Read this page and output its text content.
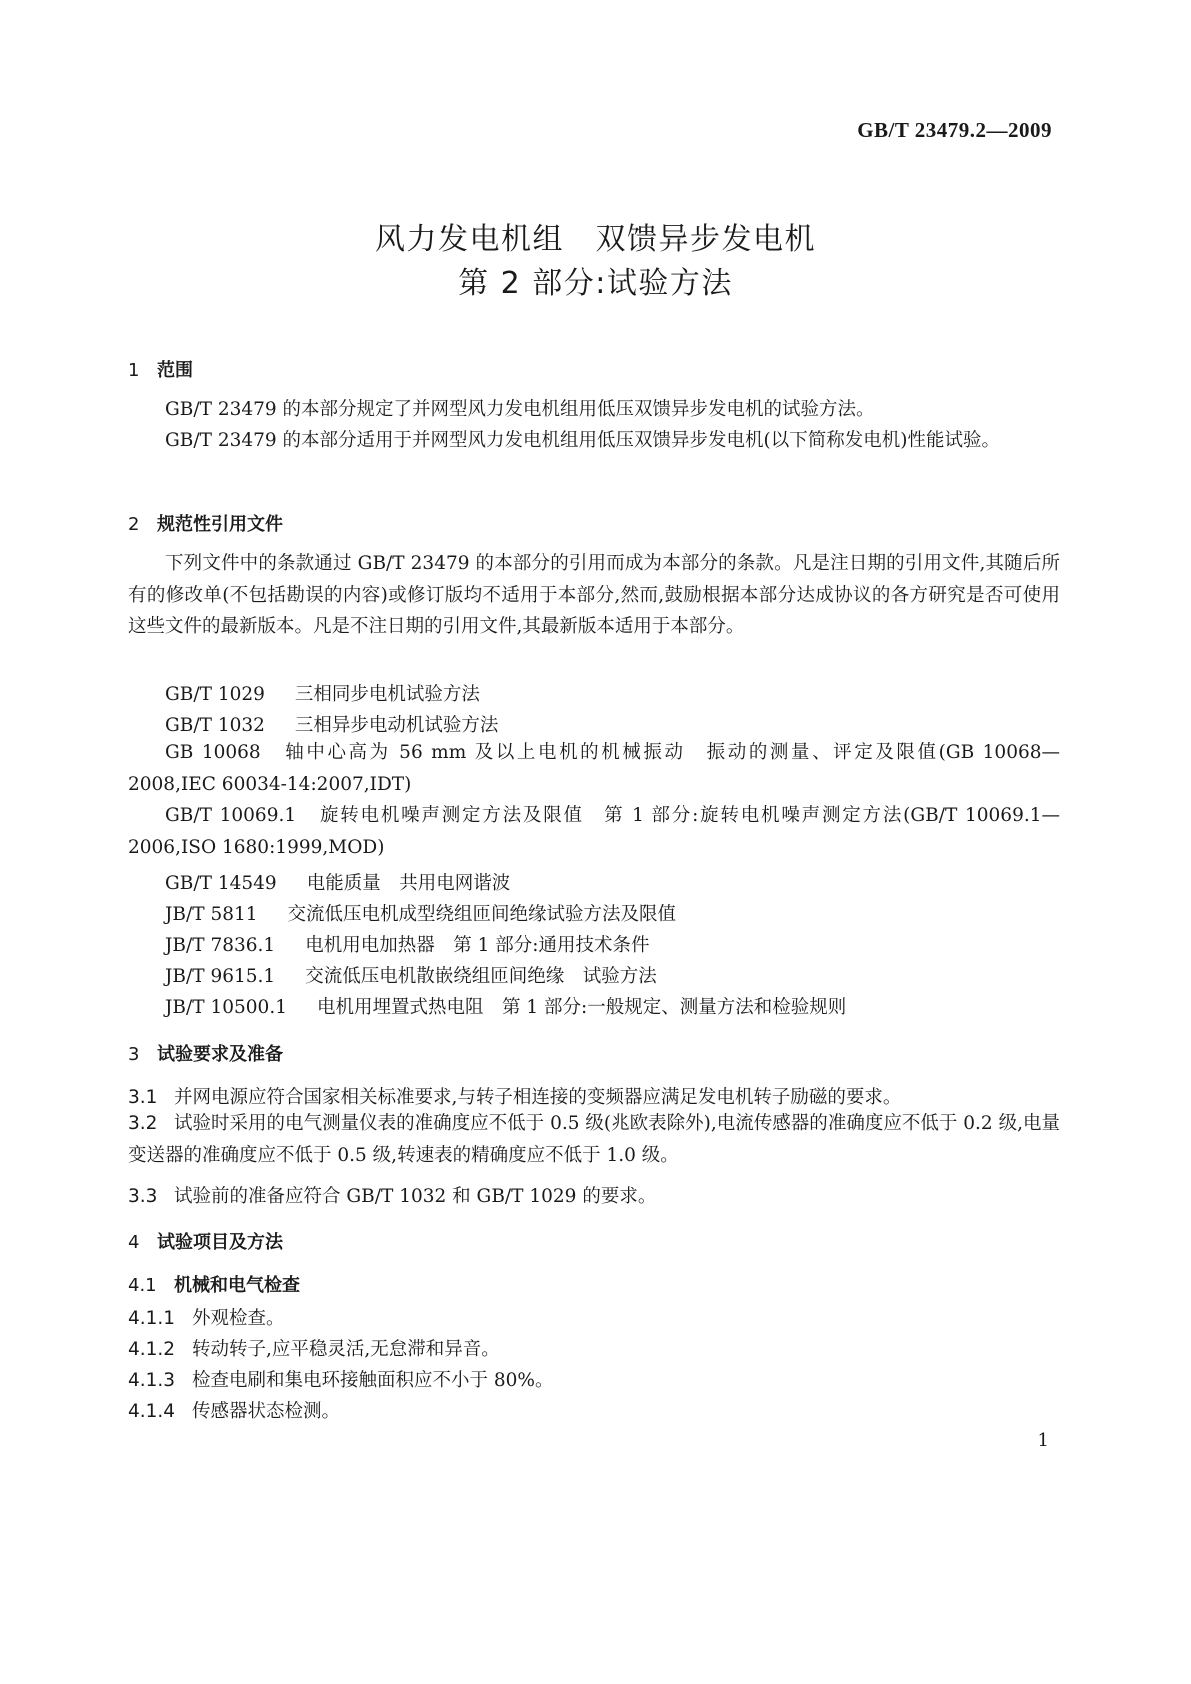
GB/T 23479.2—2009
风力发电机组　双馈异步发电机
第 2 部分:试验方法
1 范围

GB/T 23479 的本部分规定了并网型风力发电机组用低压双馈异步发电机的试验方法。

GB/T 23479 的本部分适用于并网型风力发电机组用低压双馈异步发电机(以下简称发电机)性能试验。

2 规范性引用文件

下列文件中的条款通过 GB/T 23479 的本部分的引用而成为本部分的条款。凡是注日期的引用文件,其随后所有的修改单(不包括勘误的内容)或修订版均不适用于本部分,然而,鼓励根据本部分达成协议的各方研究是否可使用这些文件的最新版本。凡是不注日期的引用文件,其最新版本适用于本部分。

GB/T 1029 三相同步电机试验方法
GB/T 1032 三相异步电动机试验方法

GB 10068 轴中心高为 56 mm 及以上电机的机械振动　振动的测量、评定及限值(GB 10068—2008,IEC 60034-14:2007,IDT)

GB/T 10069.1 旋转电机噪声测定方法及限值　第 1 部分:旋转电机噪声测定方法(GB/T 10069.1—2006,ISO 1680:1999,MOD)

GB/T 14549 电能质量　共用电网谐波
JB/T 5811 交流低压电机成型绕组匝间绝缘试验方法及限值
JB/T 7836.1 电机用电加热器　第 1 部分:通用技术条件
JB/T 9615.1 交流低压电机散嵌绕组匝间绝缘　试验方法
JB/T 10500.1 电机用埋置式热电阻　第 1 部分:一般规定、测量方法和检验规则
3 试验要求及准备
3.1 并网电源应符合国家相关标准要求,与转子相连接的变频器应满足发电机转子励磁的要求。

3.2 试验时采用的电气测量仪表的准确度应不低于 0.5 级(兆欧表除外),电流传感器的准确度应不低于 0.2 级,电量变送器的准确度应不低于 0.5 级,转速表的精确度应不低于 1.0 级。

3.3 试验前的准备应符合 GB/T 1032 和 GB/T 1029 的要求。
4 试验项目及方法
4.1 机械和电气检查
4.1.1 外观检查。
4.1.2 转动转子,应平稳灵活,无怠滞和异音。
4.1.3 检查电刷和集电环接触面积应不小于 80%。
4.1.4 传感器状态检测。
1
